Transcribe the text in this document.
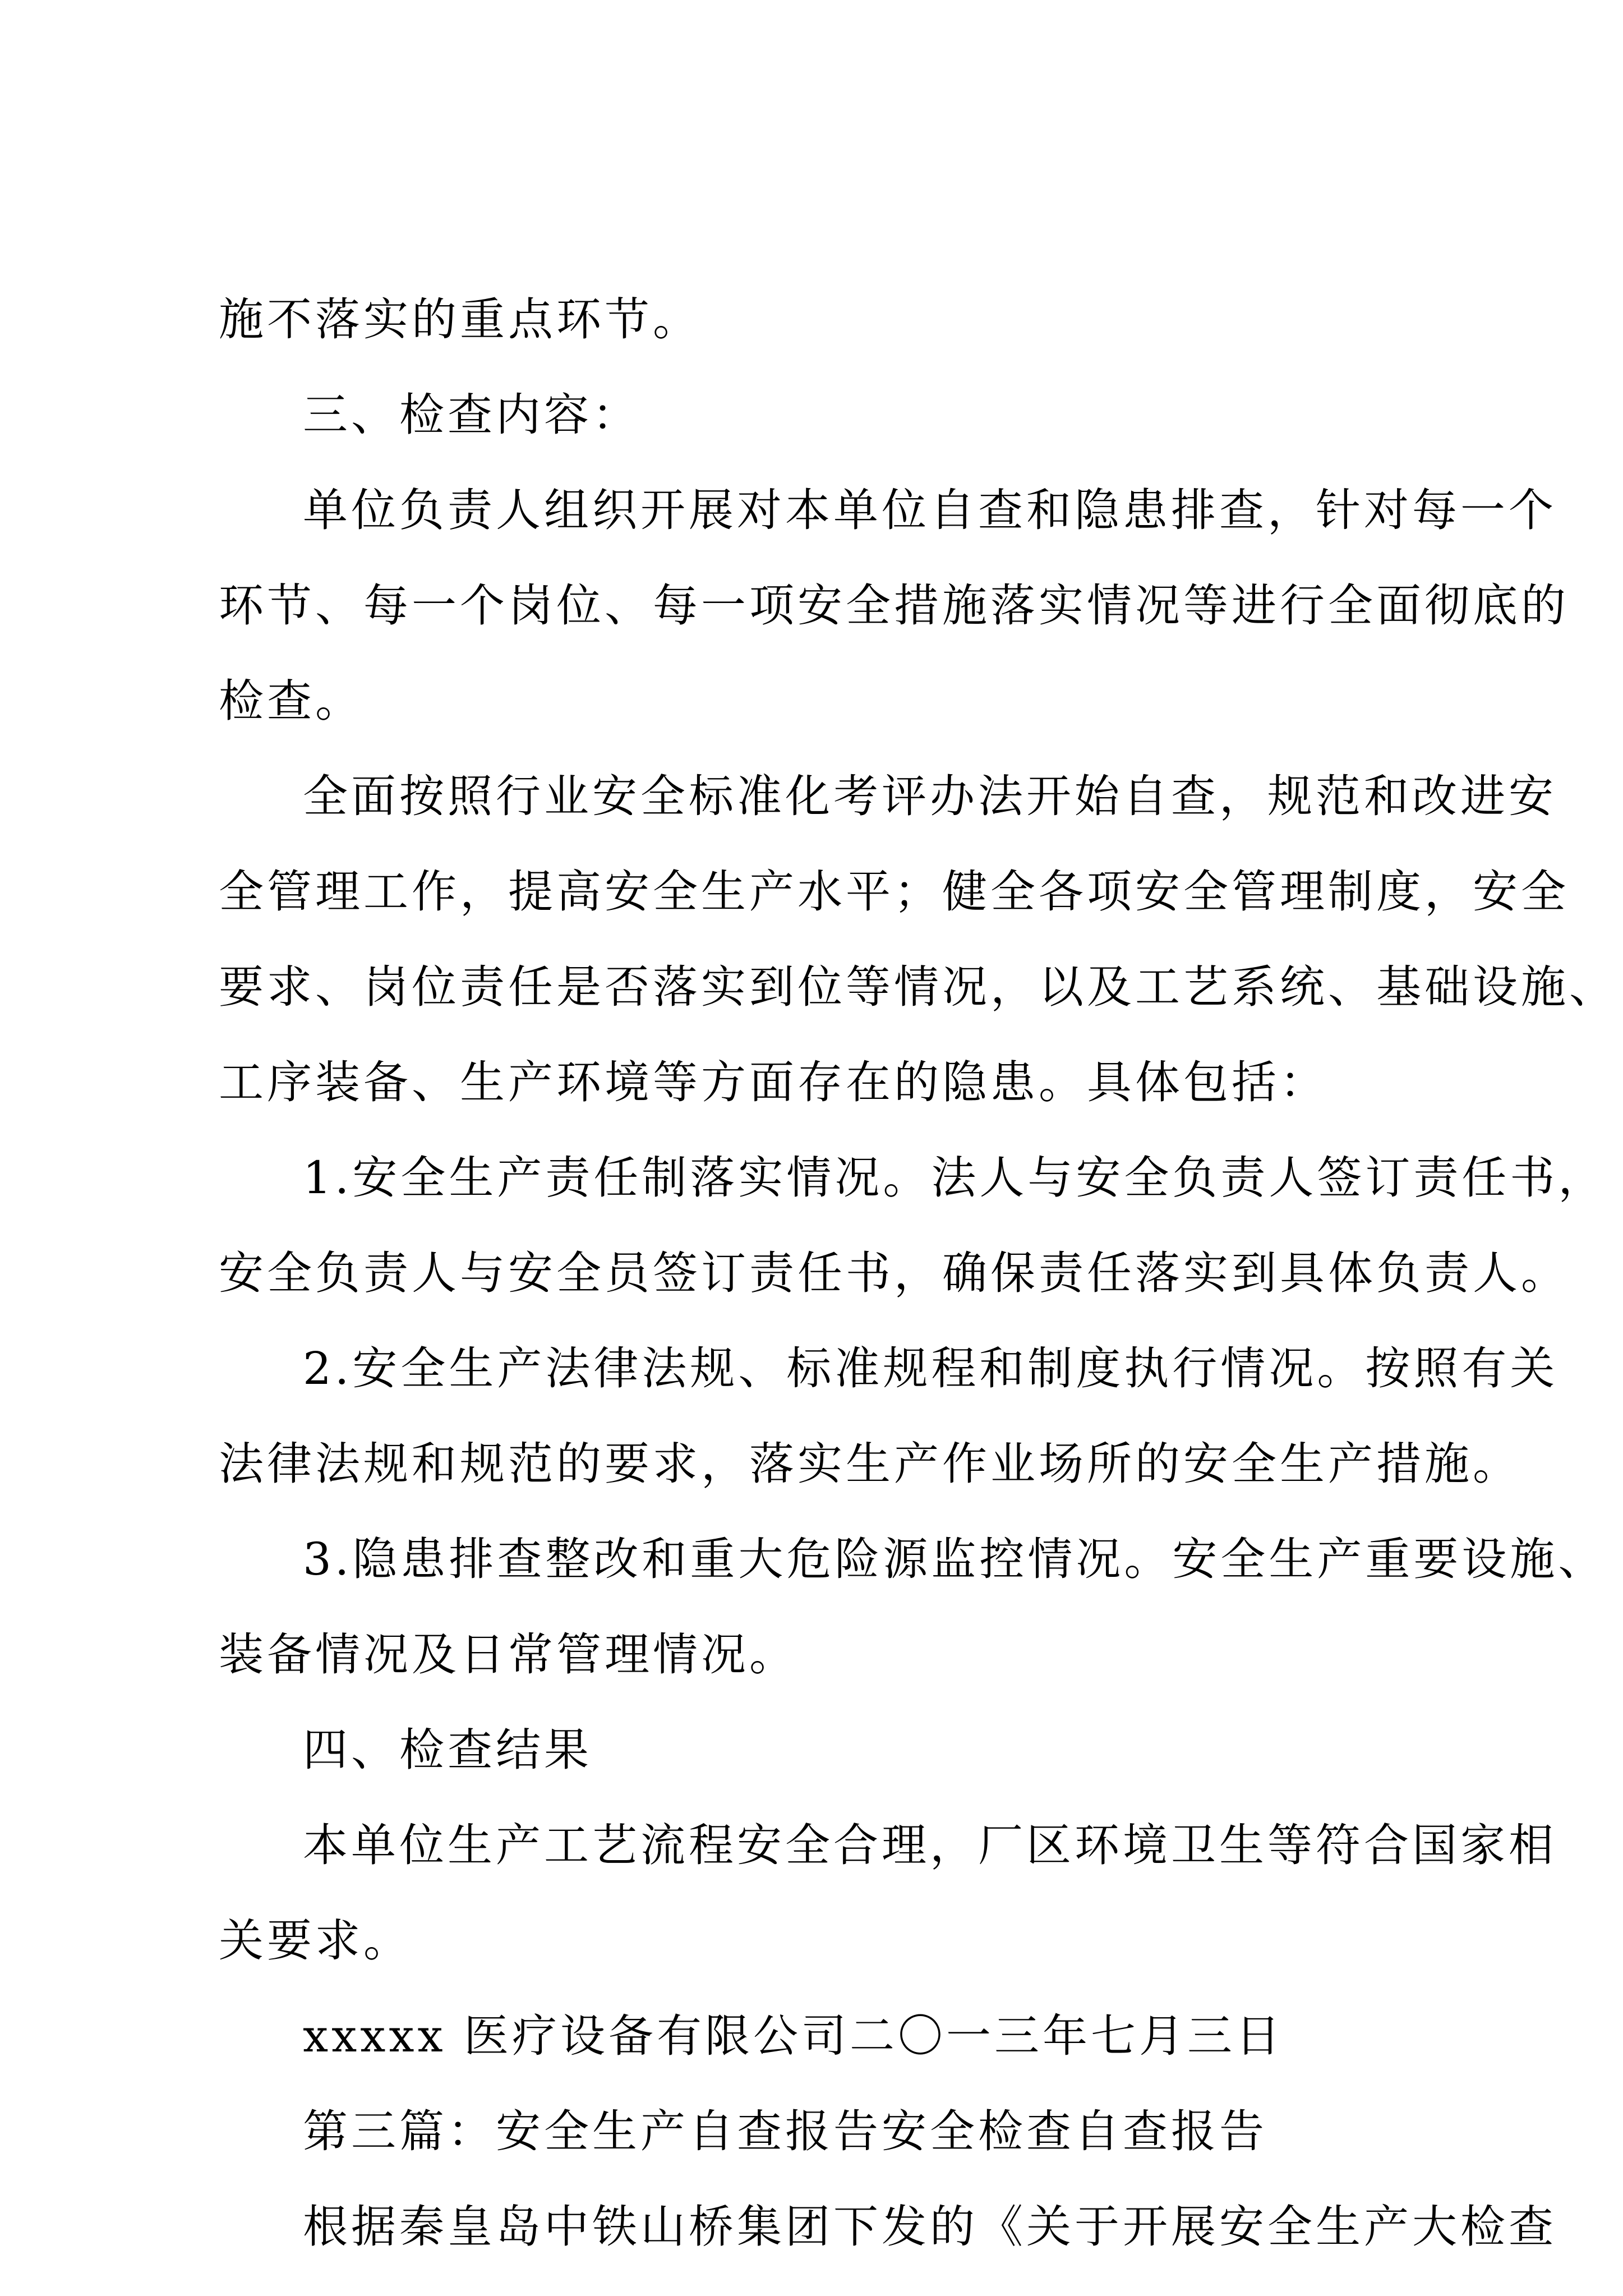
施不落实的重点环节。
三、检查内容：
单位负责人组织开展对本单位自查和隐患排查，针对每一个
环节、每一个岗位、每一项安全措施落实情况等进行全面彻底的
检查。
全面按照行业安全标准化考评办法开始自查，规范和改进安
全管理工作，提高安全生产水平；健全各项安全管理制度，安全
要求、岗位责任是否落实到位等情况，以及工艺系统、基础设施、
工序装备、生产环境等方面存在的隐患。具体包括：
1.安全生产责任制落实情况。法人与安全负责人签订责任书，
安全负责人与安全员签订责任书，确保责任落实到具体负责人。
2.安全生产法律法规、标准规程和制度执行情况。按照有关
法律法规和规范的要求，落实生产作业场所的安全生产措施。
3.隐患排查整改和重大危险源监控情况。安全生产重要设施、
装备情况及日常管理情况。
四、检查结果
本单位生产工艺流程安全合理，厂区环境卫生等符合国家相
关要求。
xxxxx 医疗设备有限公司二〇一三年七月三日
第三篇：安全生产自查报告安全检查自查报告
根据秦皇岛中铁山桥集团下发的《关于开展安全生产大检查
